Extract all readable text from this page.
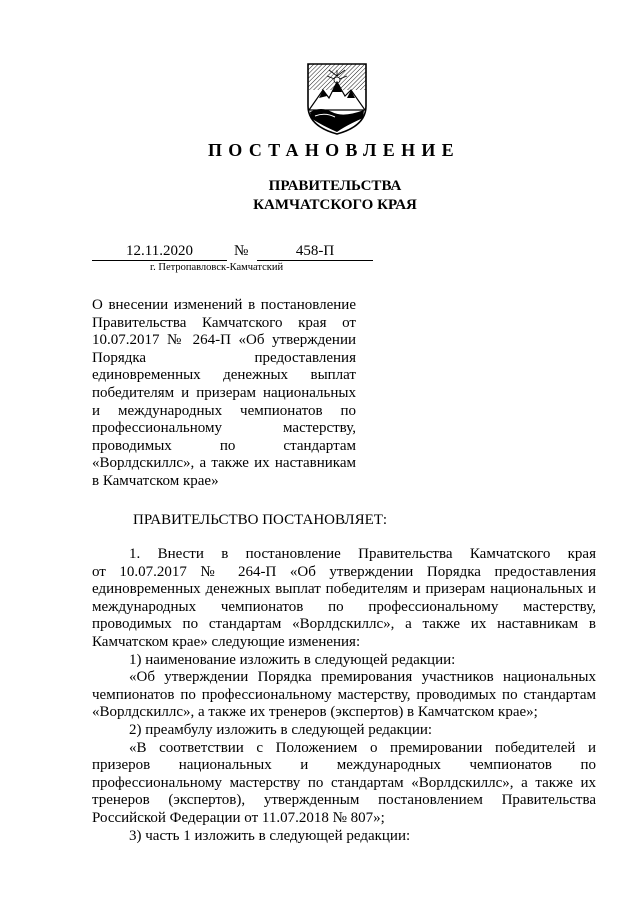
ПОСТАНОВЛЕНИЕ
ПРАВИТЕЛЬСТВА
КАМЧАТСКОГО КРАЯ
12.11.2020	№	458-П
г. Петропавловск-Камчатский
О внесении изменений в постановление
Правительства Камчатского края от
10.07.2017 № 264-П «Об утверждении
Порядка предоставления
единовременных денежных выплат
победителям и призерам национальных
и международных чемпионатов по
профессиональному мастерству,
проводимых по стандартам
«Ворлдскиллс», а также их наставникам
в Камчатском крае»
ПРАВИТЕЛЬСТВО ПОСТАНОВЛЯЕТ:
1. Внести в постановление Правительства Камчатского края
от 10.07.2017 № 264-П «Об утверждении Порядка предоставления
единовременных денежных выплат победителям и призерам национальных и
международных чемпионатов по профессиональному мастерству,
проводимых по стандартам «Ворлдскиллс», а также их наставникам в
Камчатском крае» следующие изменения:
1) наименование изложить в следующей редакции:
«Об утверждении Порядка премирования участников национальных
чемпионатов по профессиональному мастерству, проводимых по стандартам
«Ворлдскиллс», а также их тренеров (экспертов) в Камчатском крае»;
2) преамбулу изложить в следующей редакции:
«В соответствии с Положением о премировании победителей и
призеров национальных и международных чемпионатов по
профессиональному мастерству по стандартам «Ворлдскиллс», а также их
тренеров (экспертов), утвержденным постановлением Правительства
Российской Федерации от 11.07.2018 № 807»;
3) часть 1 изложить в следующей редакции:
